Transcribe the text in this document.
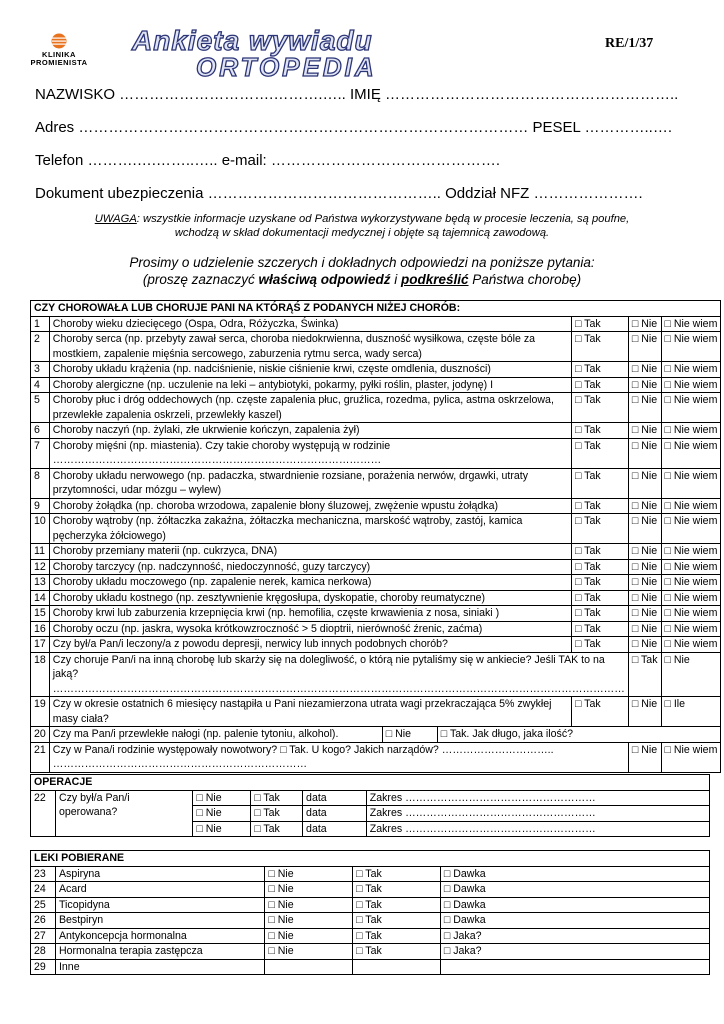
KLINIKA
PROMIENISTA
Ankieta wywiadu
ORTOPEDIA
RE/1/37
NAZWISKO ………………………….……….….. IMIĘ …………………………………………………..
Adres ……………………………………………………………………………… PESEL …………..….
Telefon ……….….……..….. e-mail: ……………………………………….
Dokument ubezpieczenia ……………………………………….. Oddział NFZ ………………….
UWAGA: wszystkie informacje uzyskane od Państwa wykorzystywane będą w procesie leczenia, są poufne,
wchodzą w skład dokumentacji medycznej i objęte są tajemnicą zawodową.
Prosimy o udzielenie szczerych i dokładnych odpowiedzi na poniższe pytania:
(proszę zaznaczyć właściwą odpowiedź i podkreślić Państwa chorobę)
CZY CHOROWAŁA LUB CHORUJE PANI NA KTÓRĄŚ Z PODANYCH NIŻEJ CHORÓB:				
1	Choroby wieku dziecięcego (Ospa, Odra, Różyczka, Świnka)	□ Tak	□ Nie	□ Nie wiem
2	Choroby serca (np. przebyty zawał serca, choroba niedokrwienna, duszność wysiłkowa, częste bóle za mostkiem, zapalenie mięśnia sercowego, zaburzenia rytmu serca, wady serca)	□ Tak	□ Nie	□ Nie wiem
3	Choroby układu krążenia (np. nadciśnienie, niskie ciśnienie krwi, częste omdlenia, duszności)	□ Tak	□ Nie	□ Nie wiem
4	Choroby alergiczne (np. uczulenie na leki – antybiotyki, pokarmy, pyłki roślin, plaster, jodynę) I	□ Tak	□ Nie	□ Nie wiem
5	Choroby płuc i dróg oddechowych (np. częste zapalenia płuc, gruźlica, rozedma, pylica, astma oskrzelowa, przewlekłe zapalenia oskrzeli, przewlekły kaszel)	□ Tak	□ Nie	□ Nie wiem
6	Choroby naczyń (np. żylaki, złe ukrwienie kończyn, zapalenia żył)	□ Tak	□ Nie	□ Nie wiem
7	Choroby mięśni (np. miastenia). Czy takie choroby występują w rodzinie …………………………………………………………………………………	□ Tak	□ Nie	□ Nie wiem
8	Choroby układu nerwowego (np. padaczka, stwardnienie rozsiane, porażenia nerwów, drgawki, utraty przytomności, udar mózgu – wylew)	□ Tak	□ Nie	□ Nie wiem
9	Choroby żołądka (np. choroba wrzodowa, zapalenie błony śluzowej, zwężenie wpustu żołądka)	□ Tak	□ Nie	□ Nie wiem
10	Choroby wątroby (np. żółtaczka zakaźna, żółtaczka mechaniczna, marskość wątroby, zastój, kamica pęcherzyka żółciowego)	□ Tak	□ Nie	□ Nie wiem
11	Choroby przemiany materii (np. cukrzyca, DNA)	□ Tak	□ Nie	□ Nie wiem
12	Choroby tarczycy (np. nadczynność, niedoczynność, guzy tarczycy)	□ Tak	□ Nie	□ Nie wiem
13	Choroby układu moczowego (np. zapalenie nerek, kamica nerkowa)	□ Tak	□ Nie	□ Nie wiem
14	Choroby układu kostnego (np. zesztywnienie kręgosłupa, dyskopatie, choroby reumatyczne)	□ Tak	□ Nie	□ Nie wiem
15	Choroby krwi lub zaburzenia krzepnięcia krwi (np. hemofilia, częste krwawienia z nosa, siniaki )	□ Tak	□ Nie	□ Nie wiem
16	Choroby oczu (np. jaskra, wysoka krótkowzroczność > 5 dioptrii, nierówność źrenic, zaćma)	□ Tak	□ Nie	□ Nie wiem
17	Czy był/a Pan/i leczony/a z powodu depresji, nerwicy lub innych podobnych chorób?	□ Tak	□ Nie	□ Nie wiem
18	Czy choruje Pan/i na inną chorobę lub skarży się na dolegliwość, o którą nie pytaliśmy się w ankiecie? Jeśli TAK to na jaką? ………………………………………………………………………………………………………………………………………………		□ Tak	□ Nie
19	Czy w okresie ostatnich 6 miesięcy nastąpiła u Pani niezamierzona utrata wagi przekraczająca 5% zwykłej masy ciała?	□ Tak	□ Nie	□ Ile
20	Czy ma Pan/i przewlekłe nałogi (np. palenie tytoniu, alkohol). □ Nie □ Tak. Jak długo, jaka ilość?			

21	Czy w Pana/i rodzinie występowały nowotwory? □ Tak. U kogo? Jakich narządów? ………………………….. ………………………………………………………………		□ Nie	□ Nie wiem
OPERACJE					
22	Czy był/a Pan/i operowana?	□ Nie	□ Tak	data	Zakres ………………………………………………
		□ Nie	□ Tak	data	Zakres ………………………………………………
		□ Nie	□ Tak	data	Zakres ………………………………………………
LEKI POBIERANE				
23	Aspiryna	□ Nie	□ Tak	□ Dawka
24	Acard	□ Nie	□ Tak	□ Dawka
25	Ticopidyna	□ Nie	□ Tak	□ Dawka
26	Bestpiryn	□ Nie	□ Tak	□ Dawka
27	Antykoncepcja hormonalna	□ Nie	□ Tak	□ Jaka?
28	Hormonalna terapia zastępcza	□ Nie	□ Tak	□ Jaka?
29	Inne			
